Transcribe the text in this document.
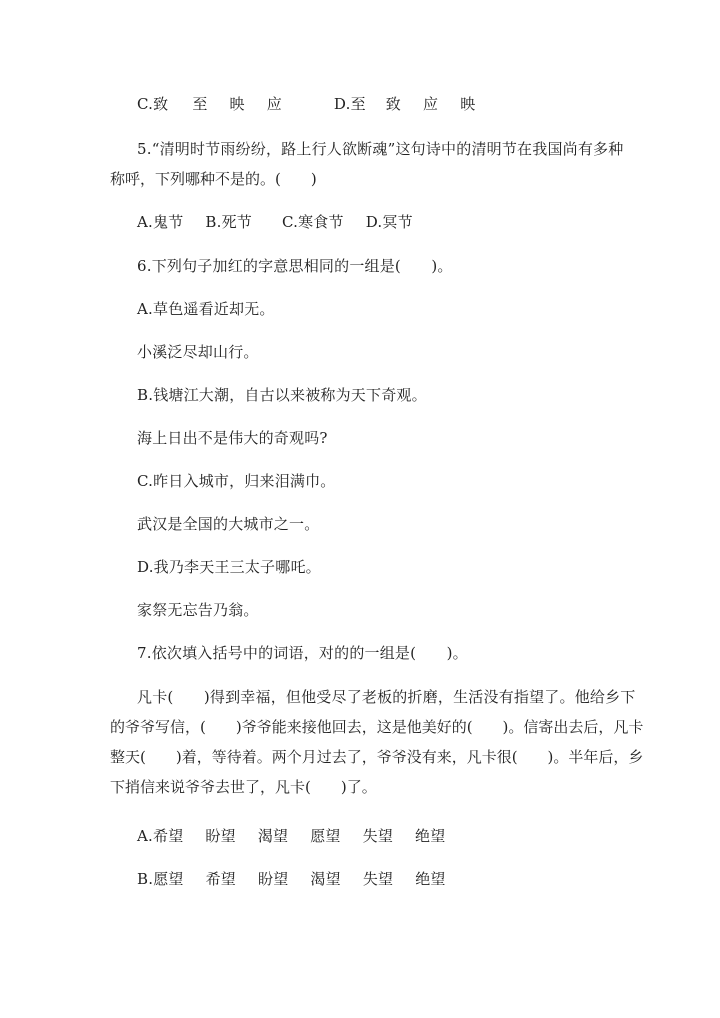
C.致 至 映 应	D.至 致 应 映
5.“清明时节雨纷纷，路上行人欲断魂”这句诗中的清明节在我国尚有多种
称呼，下列哪种不是的。(　　)
A.鬼节 B.死节 C.寒食节 D.冥节
6.下列句子加红的字意思相同的一组是(　　)。
A.草色遥看近却无。
小溪泛尽却山行。
B.钱塘江大潮，自古以来被称为天下奇观。
海上日出不是伟大的奇观吗?
C.昨日入城市，归来泪满巾。
武汉是全国的大城市之一。
D.我乃李天王三太子哪吒。
家祭无忘告乃翁。
7.依次填入括号中的词语，对的的一组是(　　)。
凡卡(　　)得到幸福，但他受尽了老板的折磨，生活没有指望了。他给乡下
的爷爷写信，(　　)爷爷能来接他回去，这是他美好的(　　)。信寄出去后，凡卡
整天(　　)着，等待着。两个月过去了，爷爷没有来，凡卡很(　　)。半年后，乡
下捎信来说爷爷去世了，凡卡(　　)了。
A.希望 盼望 渴望 愿望 失望 绝望
B.愿望 希望 盼望 渴望 失望 绝望
